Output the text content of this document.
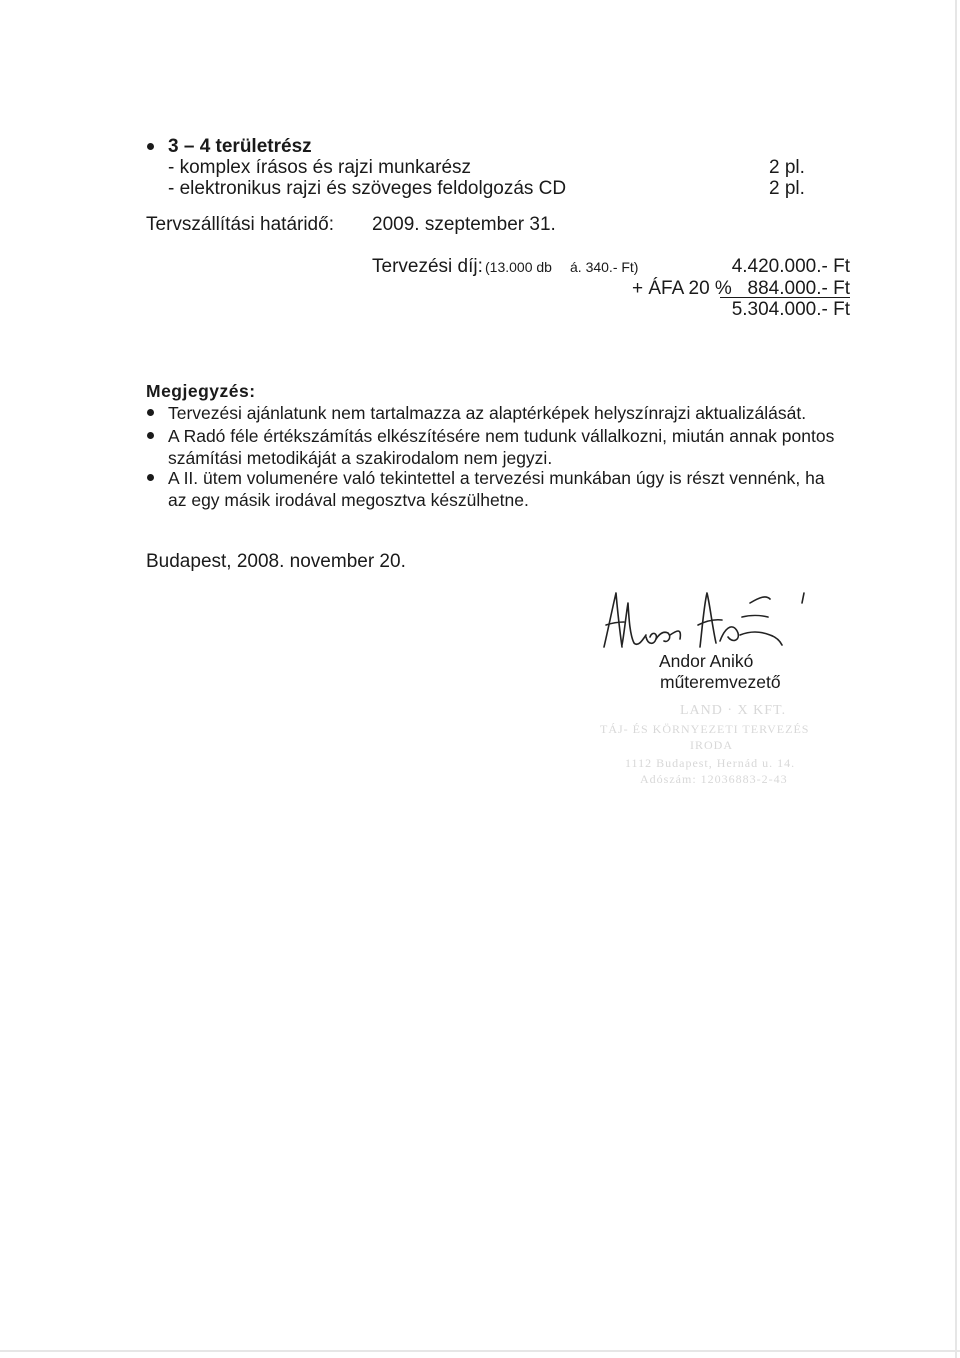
3 – 4 területrész
- komplex írásos és rajzi munkarész	2 pl.
- elektronikus rajzi és szöveges feldolgozás CD	2 pl.
Tervszállítási határidő: 2009. szeptember 31.
Tervezési díj: (13.000 db á. 340.- Ft)	4.420.000.- Ft
+ ÁFA 20 % 884.000.- Ft
5.304.000.- Ft
Megjegyzés:
Tervezési ajánlatunk nem tartalmazza az alaptérképek helyszínrajzi aktualizálását.
A Radó féle értékszámítás elkészítésére nem tudunk vállalkozni, miután annak pontos
számítási metodikáját a szakirodalom nem jegyzi.
A II. ütem volumenére való tekintettel a tervezési munkában úgy is részt vennénk, ha
az egy másik irodával megosztva készülhetne.
Budapest, 2008. november 20.
Andor Anikó
műteremvezető
LAND · X KFT.
TÁJ- ÉS KÖRNYEZETI TERVEZÉS
IRODA
1112 Budapest, Hernád u. 14.
Adószám: 12036883-2-43
